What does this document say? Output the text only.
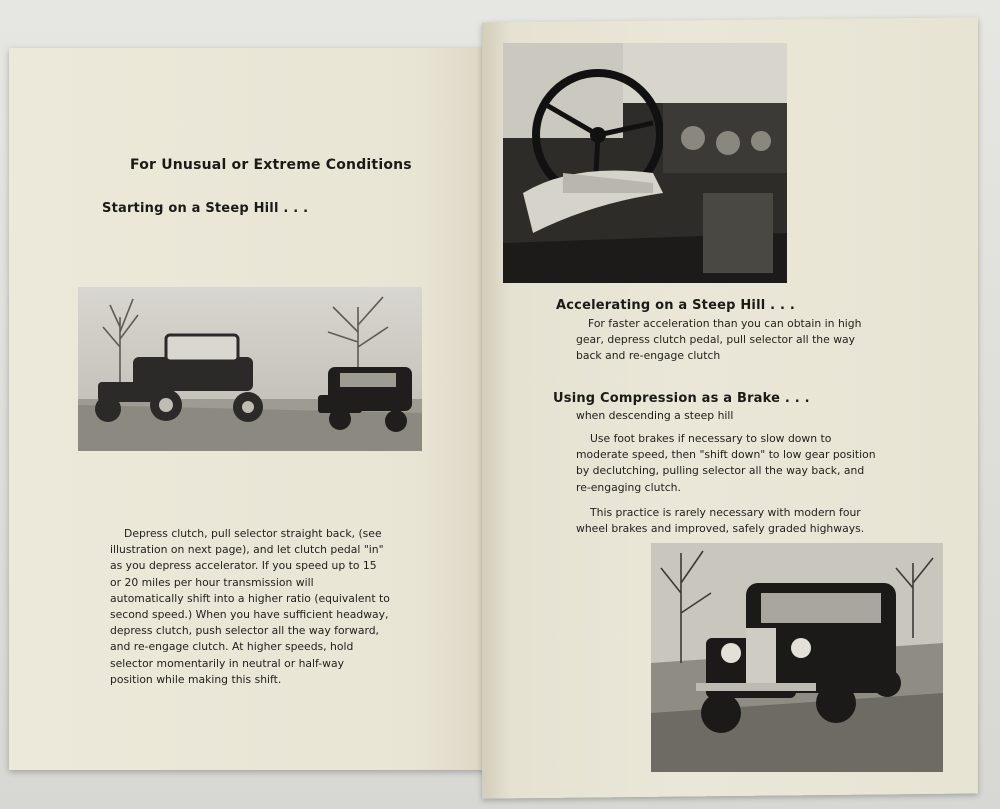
For Unusual or Extreme Conditions
Starting on a Steep Hill . . .
Depress clutch, pull selector straight back, (see illustration on next page), and let clutch pedal "in" as you depress accelerator. If you speed up to 15 or 20 miles per hour transmission will automatically shift into a higher ratio (equivalent to second speed.) When you have sufficient headway, depress clutch, push selector all the way forward, and re-engage clutch. At higher speeds, hold selector momentarily in neutral or half-way position while making this shift.
Accelerating on a Steep Hill . . .
For faster acceleration than you can obtain in high gear, depress clutch pedal, pull selector all the way back and re-engage clutch
Using Compression as a Brake . . .
when descending a steep hill
Use foot brakes if necessary to slow down to moderate speed, then "shift down" to low gear position by declutching, pulling selector all the way back, and re-engaging clutch.
This practice is rarely necessary with modern four wheel brakes and improved, safely graded highways.
